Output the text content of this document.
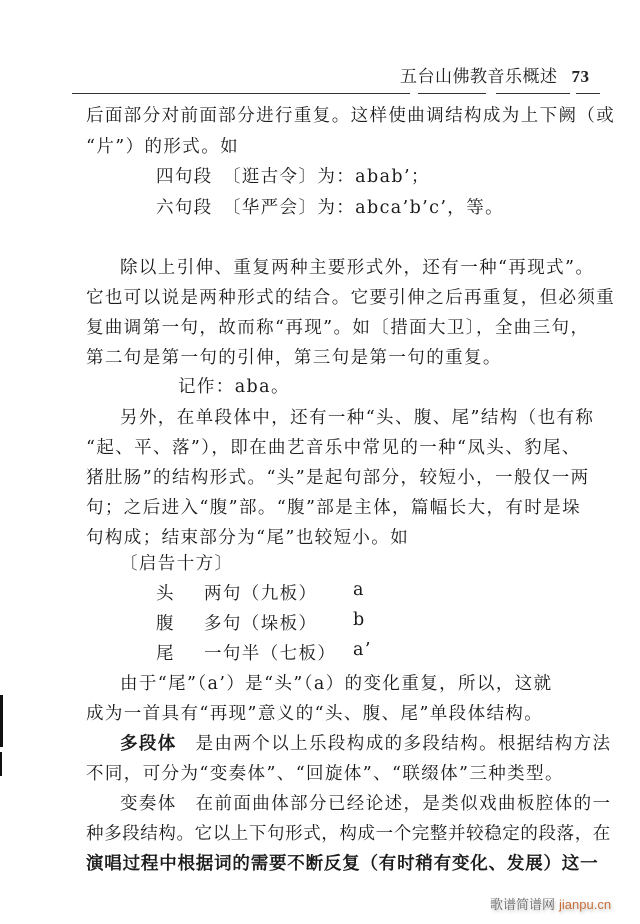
五台山佛教音乐概述 73
后面部分对前面部分进行重复。这样使曲调结构成为上下阙（或
“片”）的形式。如
四句段　〔逛古令〕为：abab’；
六句段　〔华严会〕为：abca’b’c’，等。
除以上引伸、重复两种主要形式外，还有一种“再现式”。
它也可以说是两种形式的结合。它要引伸之后再重复，但必须重
复曲调第一句，故而称“再现”。如〔措面大卫〕，全曲三句，
第二句是第一句的引伸，第三句是第一句的重复。
记作：aba。
另外，在单段体中，还有一种“头、腹、尾”结构（也有称
“起、平、落”），即在曲艺音乐中常见的一种“凤头、豹尾、
猪肚肠”的结构形式。“头”是起句部分，较短小，一般仅一两
句；之后进入“腹”部。“腹”部是主体，篇幅长大，有时是垛
句构成；结束部分为“尾”也较短小。如
〔启告十方〕
头 两句（九板） a
腹 多句（垛板） b
尾 一句半（七板） a’
由于“尾”（a’）是“头”（a）的变化重复，所以，这就
成为一首具有“再现”意义的“头、腹、尾”单段体结构。
多段体　 是由两个以上乐段构成的多段结构。根据结构方法
不同，可分为“变奏体”、“回旋体”、“联缀体”三种类型。
变奏体　 在前面曲体部分已经论述，是类似戏曲板腔体的一
种多段结构。它以上下句形式，构成一个完整并较稳定的段落，在
演唱过程中根据词的需要不断反复（有时稍有变化、发展）这一
歌谱简谱网 jianpu.cn
